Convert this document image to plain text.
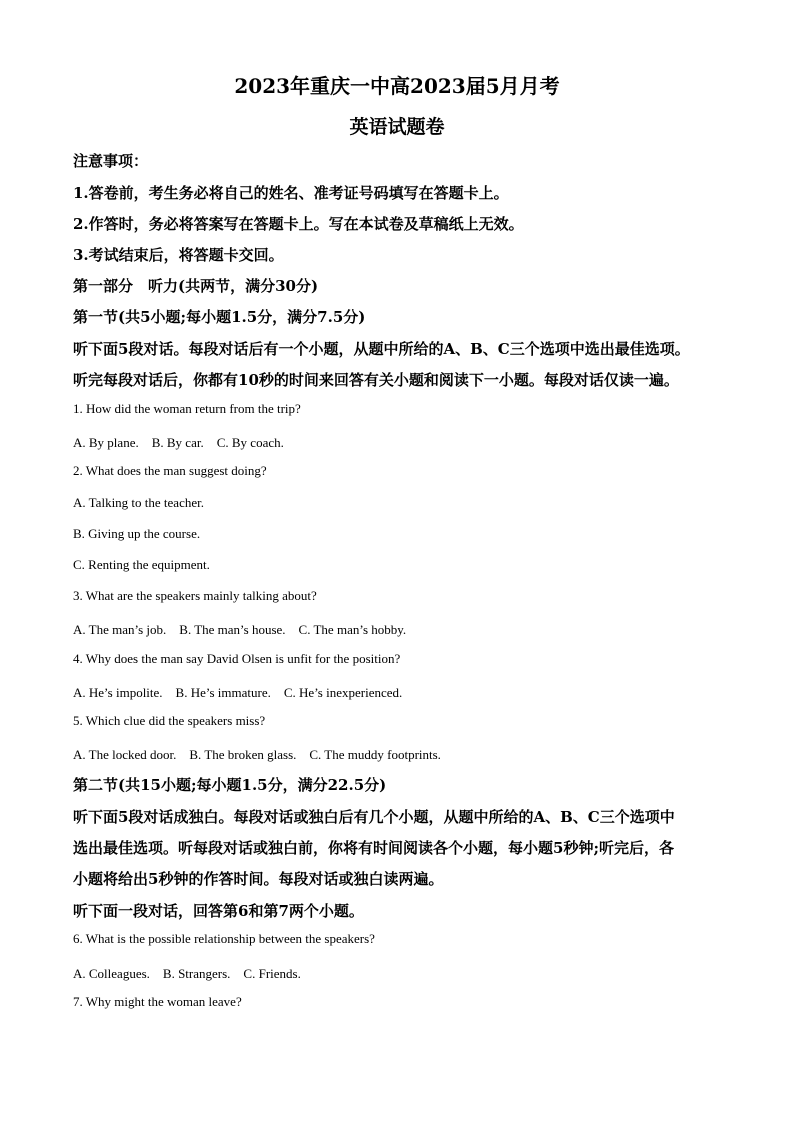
2023年重庆一中高2023届5月月考
英语试题卷
注意事项：
1.答卷前，考生务必将自己的姓名、准考证号码填写在答题卡上。
2.作答时，务必将答案写在答题卡上。写在本试卷及草稿纸上无效。
3.考试结束后，将答题卡交回。
第一部分　听力(共两节，满分30分)
第一节(共5小题;每小题1.5分，满分7.5分)
听下面5段对话。每段对话后有一个小题，从题中所给的A、B、C三个选项中选出最佳选项。
听完每段对话后，你都有10秒的时间来回答有关小题和阅读下一小题。每段对话仅读一遍。
1. How did the woman return from the trip?
A. By plane.　B. By car.　C. By coach.
2. What does the man suggest doing?
A. Talking to the teacher.
B. Giving up the course.
C. Renting the equipment.
3. What are the speakers mainly talking about?
A. The man’s job.　B. The man’s house.　C. The man’s hobby.
4. Why does the man say David Olsen is unfit for the position?
A. He’s impolite.　B. He’s immature.　C. He’s inexperienced.
5. Which clue did the speakers miss?
A. The locked door.　B. The broken glass.　C. The muddy footprints.
第二节(共15小题;每小题1.5分，满分22.5分)
听下面5段对话成独白。每段对话或独白后有几个小题，从题中所给的A、B、C三个选项中
选出最佳选项。听每段对话或独白前，你将有时间阅读各个小题，每小题5秒钟;听完后，各
小题将给出5秒钟的作答时间。每段对话或独白读两遍。
听下面一段对话，回答第6和第7两个小题。
6. What is the possible relationship between the speakers?
A. Colleagues.　B. Strangers.　C. Friends.
7. Why might the woman leave?
